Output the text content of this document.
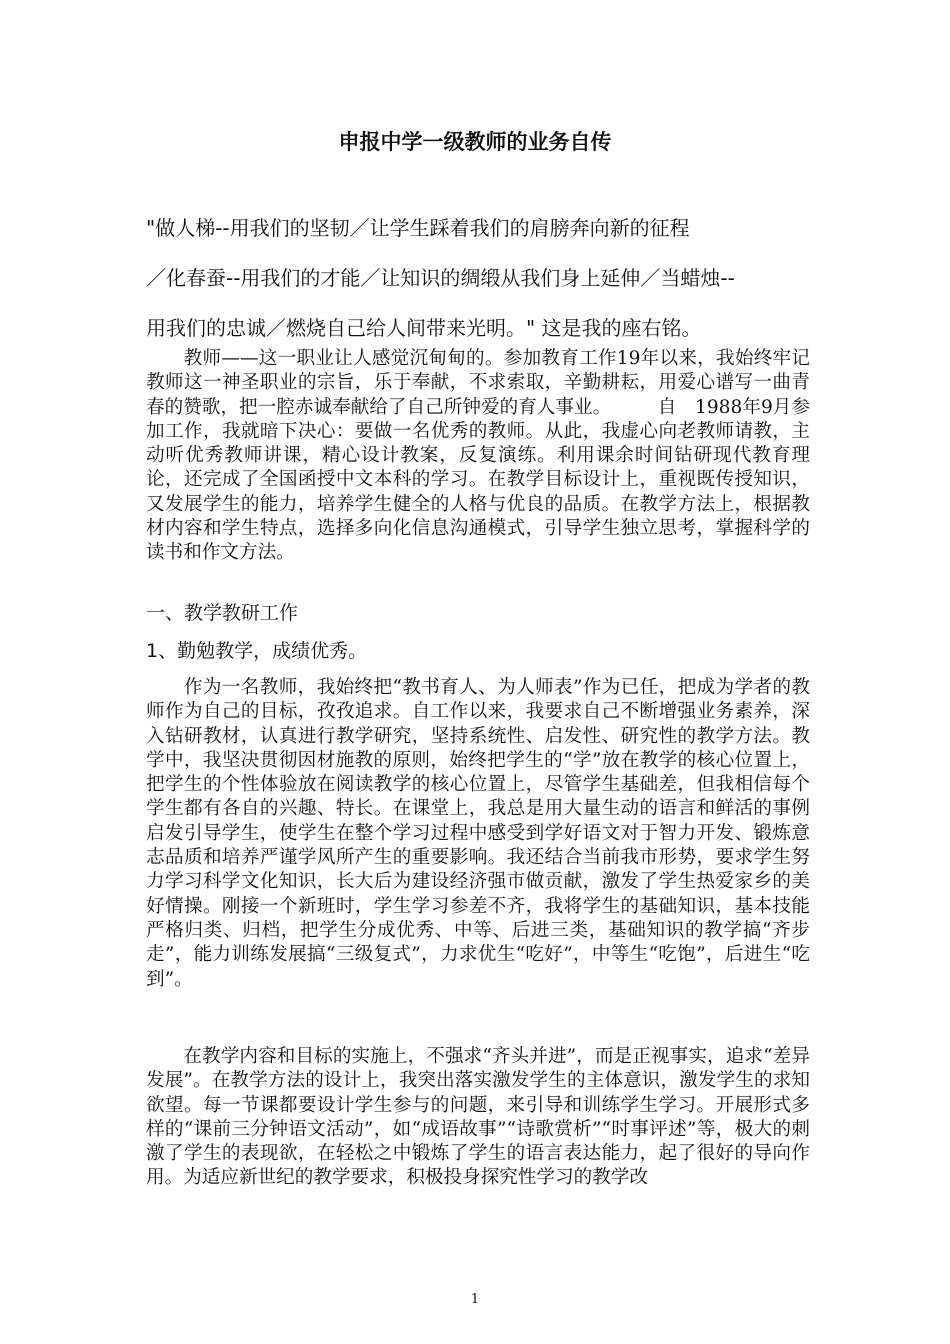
申报中学一级教师的业务自传
"做人梯--用我们的坚韧／让学生踩着我们的肩膀奔向新的征程
／化春蚕--用我们的才能／让知识的绸缎从我们身上延伸／当蜡烛--
用我们的忠诚／燃烧自己给人间带来光明。" 这是我的座右铭。

　　教师——这一职业让人感觉沉甸甸的。参加教育工作19年以来，我始终牢记教师这一神圣职业的宗旨，乐于奉献，不求索取，辛勤耕耘，用爱心谱写一曲青春的赞歌，把一腔赤诚奉献给了自己所钟爱的育人事业。　　　自　1988年9月参加工作，我就暗下决心：要做一名优秀的教师。从此，我虚心向老教师请教，主动听优秀教师讲课，精心设计教案，反复演练。利用课余时间钻研现代教育理论，还完成了全国函授中文本科的学习。在教学目标设计上，重视既传授知识，又发展学生的能力，培养学生健全的人格与优良的品质。在教学方法上，根据教材内容和学生特点，选择多向化信息沟通模式，引导学生独立思考，掌握科学的读书和作文方法。

一、教学教研工作
1、勤勉教学，成绩优秀。

　　作为一名教师，我始终把“教书育人、为人师表”作为已任，把成为学者的教师作为自己的目标，孜孜追求。自工作以来，我要求自己不断增强业务素养，深入钻研教材，认真进行教学研究，坚持系统性、启发性、研究性的教学方法。教学中，我坚决贯彻因材施教的原则，始终把学生的“学”放在教学的核心位置上，把学生的个性体验放在阅读教学的核心位置上，尽管学生基础差，但我相信每个学生都有各自的兴趣、特长。在课堂上，我总是用大量生动的语言和鲜活的事例启发引导学生，使学生在整个学习过程中感受到学好语文对于智力开发、锻炼意志品质和培养严谨学风所产生的重要影响。我还结合当前我市形势，要求学生努力学习科学文化知识，长大后为建设经济强市做贡献，激发了学生热爱家乡的美好情操。刚接一个新班时，学生学习参差不齐，我将学生的基础知识，基本技能严格归类、归档，把学生分成优秀、中等、后进三类，基础知识的教学搞“齐步走”，能力训练发展搞“三级复式”，力求优生“吃好”，中等生“吃饱”，后进生“吃到”。

　　在教学内容和目标的实施上，不强求“齐头并进”，而是正视事实，追求“差异发展”。在教学方法的设计上，我突出落实激发学生的主体意识，激发学生的求知欲望。每一节课都要设计学生参与的问题，来引导和训练学生学习。开展形式多样的“课前三分钟语文活动”，如“成语故事”“诗歌赏析”“时事评述”等，极大的刺激了学生的表现欲，在轻松之中锻炼了学生的语言表达能力，起了很好的导向作用。为适应新世纪的教学要求，积极投身探究性学习的教学改

1
